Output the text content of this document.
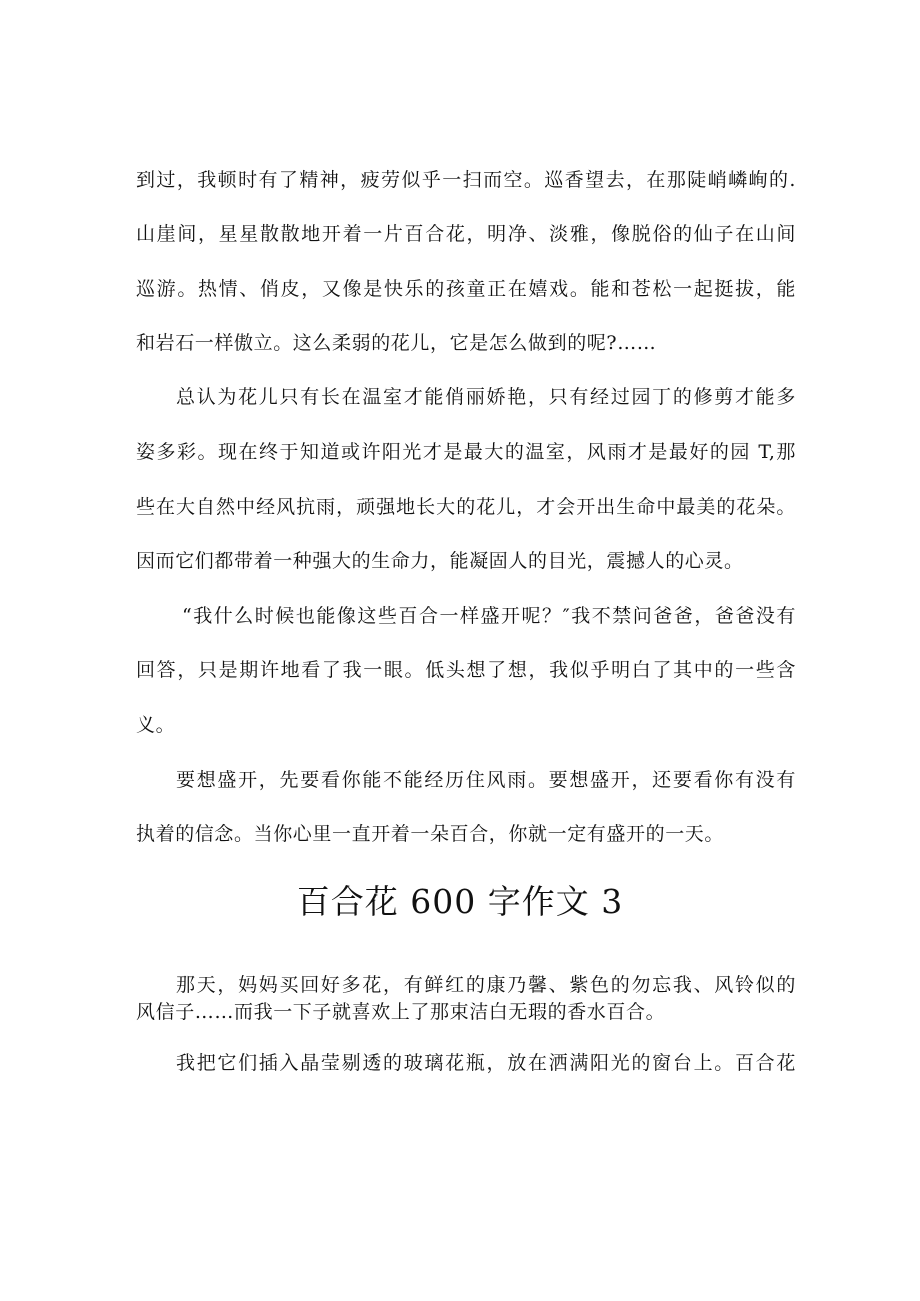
到过，我顿时有了精神，疲劳似乎一扫而空。巡香望去，在那陡峭嶙峋的.
山崖间，星星散散地开着一片百合花，明净、淡雅，像脱俗的仙子在山间
巡游。热情、俏皮，又像是快乐的孩童正在嬉戏。能和苍松一起挺拔，能
和岩石一样傲立。这么柔弱的花儿，它是怎么做到的呢?……
总认为花儿只有长在温室才能俏丽娇艳，只有经过园丁的修剪才能多
姿多彩。现在终于知道或许阳光才是最大的温室，风雨才是最好的园 T,那
些在大自然中经风抗雨，顽强地长大的花儿，才会开出生命中最美的花朵。
因而它们都带着一种强大的生命力，能凝固人的目光，震撼人的心灵。
“我什么时候也能像这些百合一样盛开呢？″我不禁问爸爸，爸爸没有
回答，只是期许地看了我一眼。低头想了想，我似乎明白了其中的一些含
义。
要想盛开，先要看你能不能经历住风雨。要想盛开，还要看你有没有
执着的信念。当你心里一直开着一朵百合，你就一定有盛开的一天。
百合花 600 字作文 3
那天，妈妈买回好多花，有鲜红的康乃馨、紫色的勿忘我、风铃似的
风信子……而我一下子就喜欢上了那束洁白无瑕的香水百合。
我把它们插入晶莹剔透的玻璃花瓶，放在洒满阳光的窗台上。百合花
